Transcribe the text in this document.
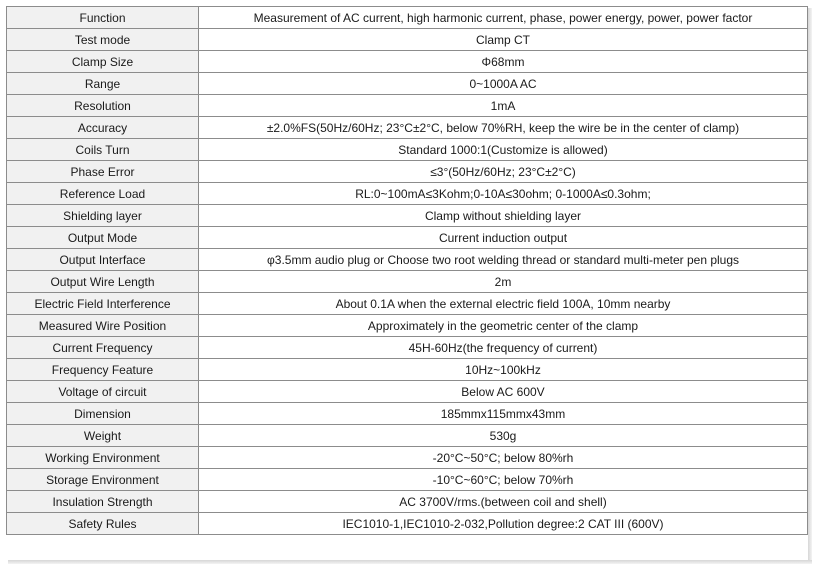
Function	Measurement of AC current, high harmonic current, phase, power energy, power, power factor
Test mode	Clamp CT
Clamp Size	Φ68mm
Range	0~1000A AC
Resolution	1mA
Accuracy	±2.0%FS(50Hz/60Hz; 23°C±2°C, below 70%RH, keep the wire be in the center of clamp)
Coils Turn	Standard 1000:1(Customize is allowed)
Phase Error	≤3°(50Hz/60Hz; 23°C±2°C)
Reference Load	RL:0~100mA≤3Kohm;0-10A≤30ohm; 0-1000A≤0.3ohm;
Shielding layer	Clamp without shielding layer
Output Mode	Current induction output
Output Interface	φ3.5mm audio plug or Choose two root welding thread or standard multi-meter pen plugs
Output Wire Length	2m
Electric Field Interference	About 0.1A when the external electric field 100A, 10mm nearby
Measured Wire Position	Approximately in the geometric center of the clamp
Current Frequency	45H-60Hz(the frequency of current)
Frequency Feature	10Hz~100kHz
Voltage of circuit	Below AC 600V
Dimension	185mmx115mmx43mm
Weight	530g
Working Environment	-20°C~50°C; below 80%rh
Storage Environment	-10°C~60°C; below 70%rh
Insulation Strength	AC 3700V/rms.(between coil and shell)
Safety Rules	IEC1010-1,IEC1010-2-032,Pollution degree:2 CAT III (600V)
